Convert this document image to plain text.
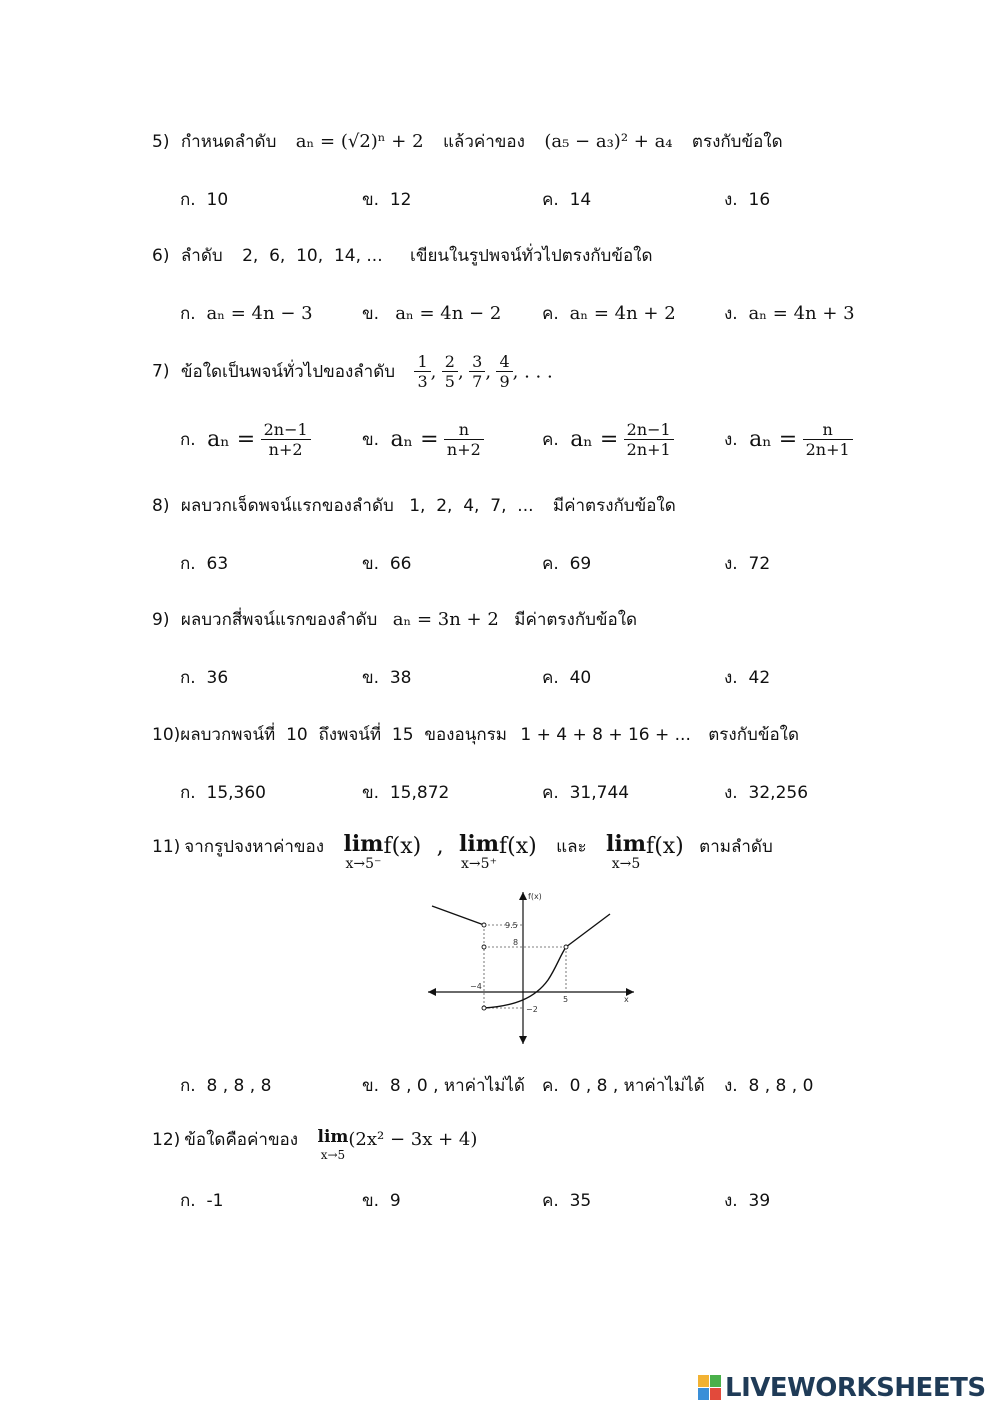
5) กำหนดลำดับ aₙ = (√2)ⁿ + 2 แล้วค่าของ (a₅ − a₃)² + a₄ ตรงกับข้อใด
ก. 10	ข. 12	ค. 14	ง. 16
6) ลำดับ 2,  6,  10,  14, ... เขียนในรูปพจน์ทั่วไปตรงกับข้อใด
ก. aₙ = 4n − 3	ข. aₙ = 4n − 2 ค. aₙ = 4n + 2	ง. aₙ = 4n + 3
7) ข้อใดเป็นพจน์ทั่วไปของลำดับ $\frac{1}{3}$ , $\frac{2}{5}$ , $\frac{3}{7}$ , $\frac{4}{9}$ , . . .
ก. $a_n = \frac{2n-1}{n+2}$	ข. $a_n = \frac{n}{n+2}$	ค. $a_n = \frac{2n-1}{2n+1}$	ง. $a_n = \frac{n}{2n+1}$
8) ผลบวกเจ็ดพจน์แรกของลำดับ 1,  2,  4,  7,  ... มีค่าตรงกับข้อใด
ก. 63	ข. 66	ค. 69	ง. 72
9) ผลบวกสี่พจน์แรกของลำดับ aₙ = 3n + 2 มีค่าตรงกับข้อใด
ก. 36	ข. 38	ค. 40	ง. 42
10)ผลบวกพจน์ที่  10  ถึงพจน์ที่  15  ของอนุกรม 1 + 4 + 8 + 16 + ... ตรงกับข้อใด
ก. 15,360	ข. 15,872	ค. 31,744	ง. 32,256
11) จากรูปจงหาค่าของ lim
x→5⁻
f(x) , lim
x→5⁺
f(x) และ lim
x→5
f(x) ตามลำดับ
f(x)
9.5
8
−4
5
−2
x
ก. 8 , 8 , 8	ข. 8 , 0 , หาค่าไม่ได้ ค. 0 , 8 , หาค่าไม่ได้ ง. 8 , 8 , 0
12) ข้อใดคือค่าของ lim
x→5
(2x² − 3x + 4)
ก. -1	ข. 9	ค. 35	ง. 39
LIVEWORKSHEETS
